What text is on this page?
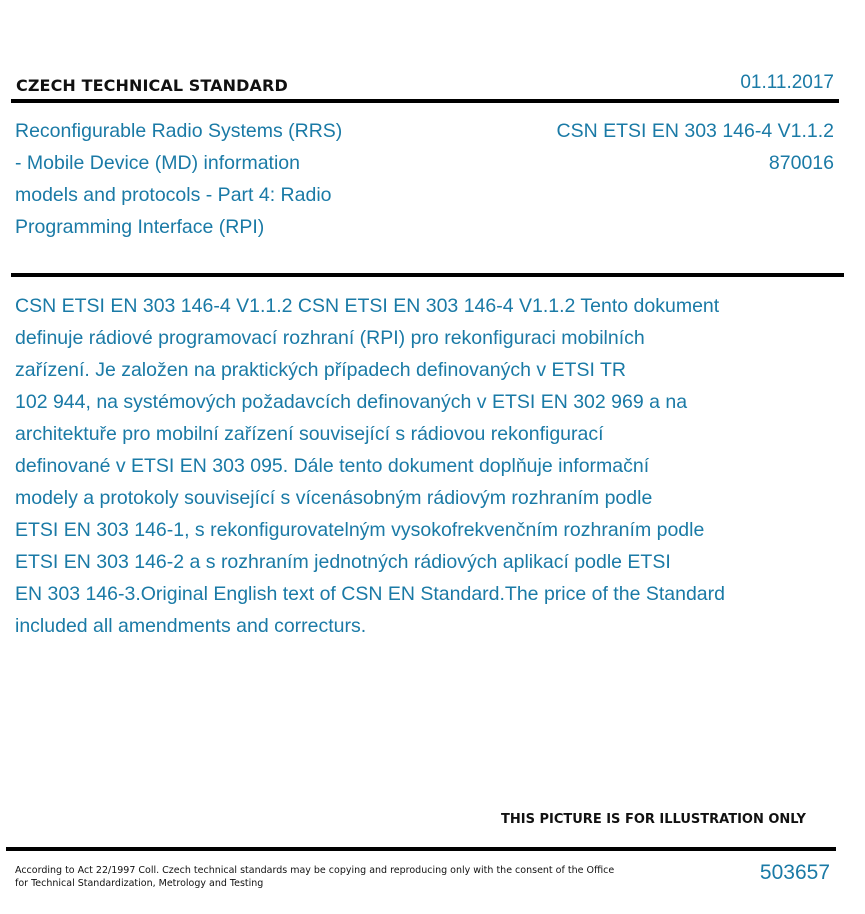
CZECH TECHNICAL STANDARD	01.11.2017
Reconfigurable Radio Systems (RRS)
- Mobile Device (MD) information
models and protocols - Part 4: Radio
Programming Interface (RPI)
CSN ETSI EN 303 146-4 V1.1.2
870016
CSN ETSI EN 303 146-4 V1.1.2 CSN ETSI EN 303 146-4 V1.1.2 Tento dokument
definuje rádiové programovací rozhraní (RPI) pro rekonfiguraci mobilních
zařízení. Je založen na praktických případech definovaných v ETSI TR
102 944, na systémových požadavcích definovaných v ETSI EN 302 969 a na
architektuře pro mobilní zařízení související s rádiovou rekonfigurací
definované v ETSI EN 303 095. Dále tento dokument doplňuje informační
modely a protokoly související s vícenásobným rádiovým rozhraním podle
ETSI EN 303 146-1, s rekonfigurovatelným vysokofrekvenčním rozhraním podle
ETSI EN 303 146-2 a s rozhraním jednotných rádiových aplikací podle ETSI
EN 303 146-3.Original English text of CSN EN Standard.The price of the Standard
included all amendments and correcturs.
THIS PICTURE IS FOR ILLUSTRATION ONLY
According to Act 22/1997 Coll. Czech technical standards may be copying and reproducing only with the consent of the Office
for Technical Standardization, Metrology and Testing	503657
